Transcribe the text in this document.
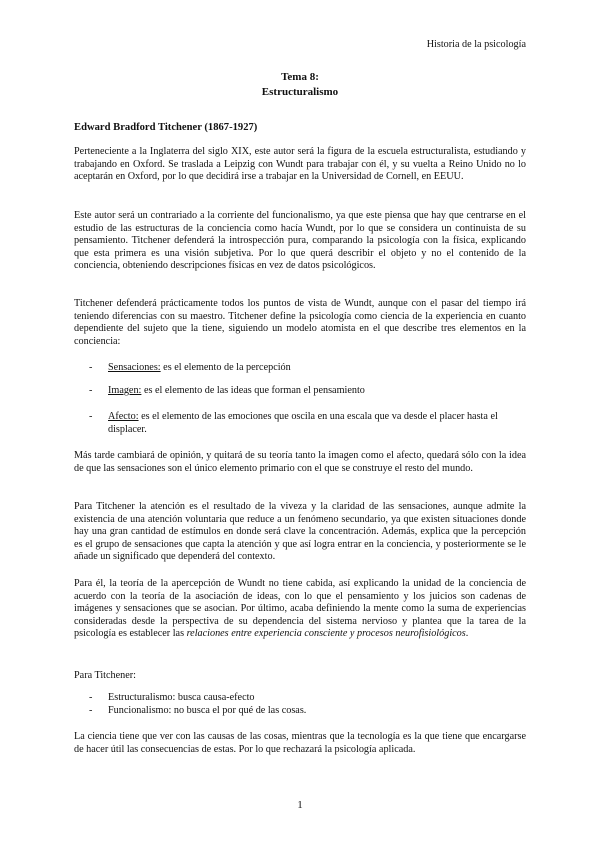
Historia de la psicología
Tema 8:
Estructuralismo
Edward Bradford Titchener (1867-1927)

Perteneciente a la Inglaterra del siglo XIX, este autor será la figura de la escuela estructuralista, estudiando y trabajando en Oxford. Se traslada a Leipzig con Wundt para trabajar con él, y su vuelta a Reino Unido no lo aceptarán en Oxford, por lo que decidirá irse a trabajar en la Universidad de Cornell, en EEUU.

Este autor será un contrariado a la corriente del funcionalismo, ya que este piensa que hay que centrarse en el estudio de las estructuras de la conciencia como hacía Wundt, por lo que se considera un continuista de su pensamiento. Titchener defenderá la introspección pura, comparando la psicología con la física, explicando que esta primera es una visión subjetiva. Por lo que querá describir el objeto y no el contenido de la conciencia, obteniendo descripciones físicas en vez de datos psicológicos.

Titchener defenderá prácticamente todos los puntos de vista de Wundt, aunque con el pasar del tiempo irá teniendo diferencias con su maestro. Titchener define la psicología como ciencia de la experiencia en cuanto dependiente del sujeto que la tiene, siguiendo un modelo atomista en el que describe tres elementos en la conciencia:

- Sensaciones: es el elemento de la percepción
- Imagen: es el elemento de las ideas que forman el pensamiento
- Afecto: es el elemento de las emociones que oscila en una escala que va desde el placer hasta el displacer.

Más tarde cambiará de opinión, y quitará de su teoría tanto la imagen como el afecto, quedará sólo con la idea de que las sensaciones son el único elemento primario con el que se construye el resto del mundo.

Para Titchener la atención es el resultado de la viveza y la claridad de las sensaciones, aunque admite la existencia de una atención voluntaria que reduce a un fenómeno secundario, ya que existen situaciones donde hay una gran cantidad de estímulos en donde será clave la concentración. Además, explica que la percepción es el grupo de sensaciones que capta la atención y que así logra entrar en la conciencia, y posteriormente se le añade un significado que dependerá del contexto.

Para él, la teoría de la apercepción de Wundt no tiene cabida, así explicando la unidad de la conciencia de acuerdo con la teoría de la asociación de ideas, con lo que el pensamiento y los juicios son cadenas de imágenes y sensaciones que se asocian. Por último, acaba definiendo la mente como la suma de experiencias consideradas desde la perspectiva de su dependencia del sistema nervioso y plantea que la tarea de la psicología es establecer las relaciones entre experiencia consciente y procesos neurofisiológicos.

Para Titchener:

- Estructuralismo: busca causa-efecto
- Funcionalismo: no busca el por qué de las cosas.

La ciencia tiene que ver con las causas de las cosas, mientras que la tecnología es la que tiene que encargarse de hacer útil las consecuencias de estas. Por lo que rechazará la psicología aplicada.

1
